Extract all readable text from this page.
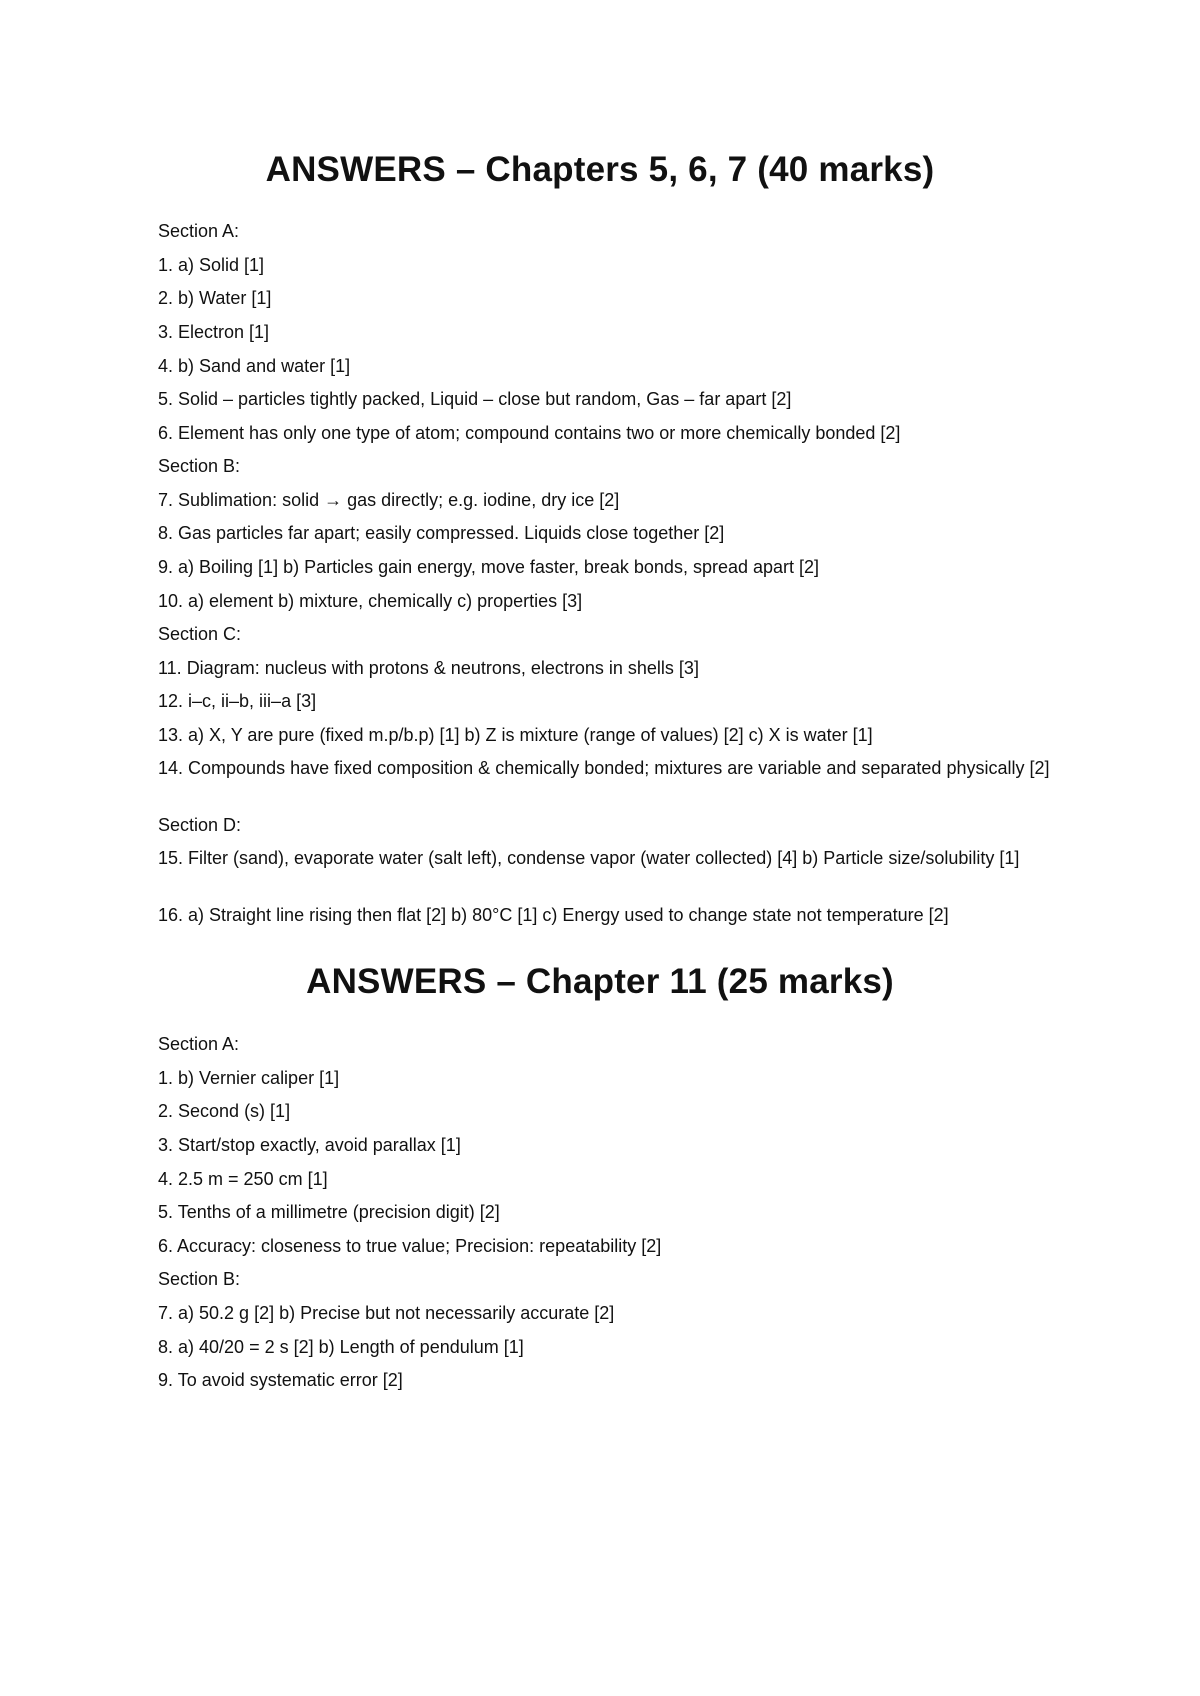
ANSWERS – Chapters 5, 6, 7 (40 marks)

Section A:

1. a) Solid [1]

2. b) Water [1]

3. Electron [1]

4. b) Sand and water [1]

5. Solid – particles tightly packed, Liquid – close but random, Gas – far apart [2]

6. Element has only one type of atom; compound contains two or more chemically bonded [2]

Section B:

7. Sublimation: solid → gas directly; e.g. iodine, dry ice [2]

8. Gas particles far apart; easily compressed. Liquids close together [2]

9. a) Boiling [1] b) Particles gain energy, move faster, break bonds, spread apart [2]

10. a) element b) mixture, chemically c) properties [3]

Section C:

11. Diagram: nucleus with protons & neutrons, electrons in shells [3]

12. i–c, ii–b, iii–a [3]

13. a) X, Y are pure (fixed m.p/b.p) [1] b) Z is mixture (range of values) [2] c) X is water [1]

14. Compounds have fixed composition & chemically bonded; mixtures are variable and separated physically [2]

Section D:

15. Filter (sand), evaporate water (salt left), condense vapor (water collected) [4] b) Particle size/solubility [1]

16. a) Straight line rising then flat [2] b) 80°C [1] c) Energy used to change state not temperature [2]

ANSWERS – Chapter 11 (25 marks)

Section A:

1. b) Vernier caliper [1]

2. Second (s) [1]

3. Start/stop exactly, avoid parallax [1]

4. 2.5 m = 250 cm [1]

5. Tenths of a millimetre (precision digit) [2]

6. Accuracy: closeness to true value; Precision: repeatability [2]

Section B:

7. a) 50.2 g [2] b) Precise but not necessarily accurate [2]

8. a) 40/20 = 2 s [2] b) Length of pendulum [1]

9. To avoid systematic error [2]
